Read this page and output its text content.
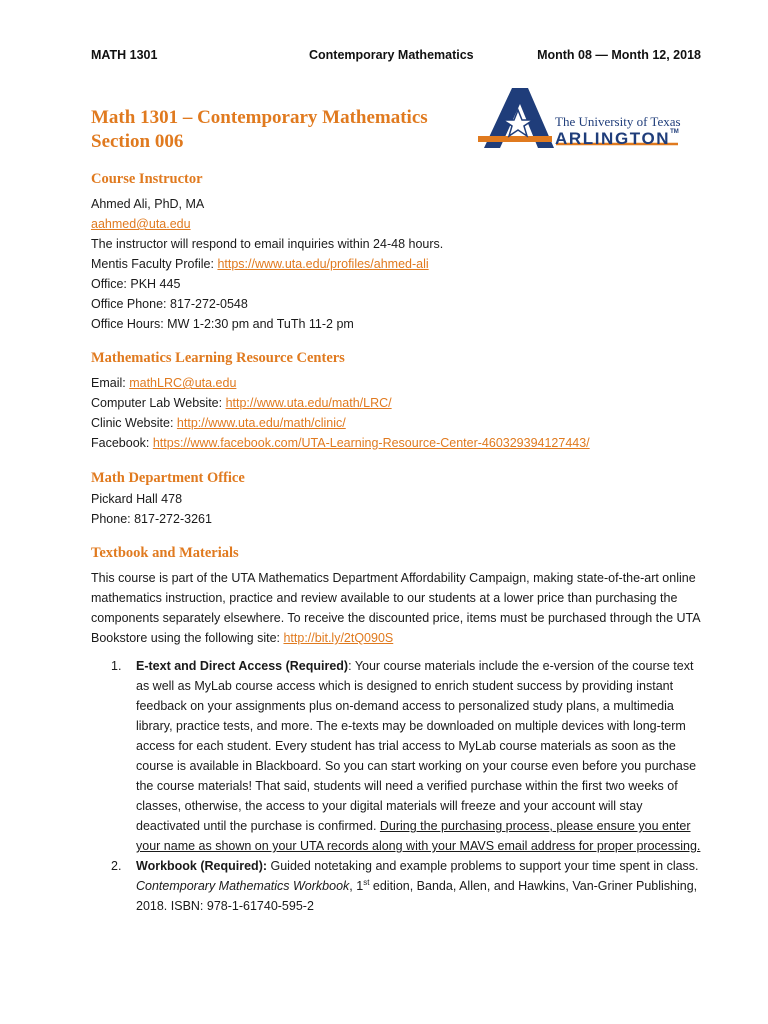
MATH 1301	Contemporary Mathematics	Month 08 — Month 12, 2018
Math 1301 – Contemporary Mathematics
Section 006
The University of Texas
ARLINGTON™
Course Instructor
Ahmed Ali, PhD, MA
aahmed@uta.edu
The instructor will respond to email inquiries within 24-48 hours.
Mentis Faculty Profile: https://www.uta.edu/profiles/ahmed-ali
Office: PKH 445
Office Phone: 817-272-0548
Office Hours: MW 1-2:30 pm and TuTh 11-2 pm
Mathematics Learning Resource Centers
Email: mathLRC@uta.edu
Computer Lab Website: http://www.uta.edu/math/LRC/
Clinic Website: http://www.uta.edu/math/clinic/
Facebook: https://www.facebook.com/UTA-Learning-Resource-Center-460329394127443/
Math Department Office
Pickard Hall 478
Phone: 817-272-3261
Textbook and Materials
This course is part of the UTA Mathematics Department Affordability Campaign, making state-of-the-art online mathematics instruction, practice and review available to our students at a lower price than purchasing the components separately elsewhere. To receive the discounted price, items must be purchased through the UTA Bookstore using the following site: http://bit.ly/2tQ090S
1. E-text and Direct Access (Required): Your course materials include the e-version of the course text as well as MyLab course access which is designed to enrich student success by providing instant feedback on your assignments plus on-demand access to personalized study plans, a multimedia library, practice tests, and more. The e-texts may be downloaded on multiple devices with long-term access for each student. Every student has trial access to MyLab course materials as soon as the course is available in Blackboard. So you can start working on your course even before you purchase the course materials! That said, students will need a verified purchase within the first two weeks of classes, otherwise, the access to your digital materials will freeze and your account will stay deactivated until the purchase is confirmed. During the purchasing process, please ensure you enter your name as shown on your UTA records along with your MAVS email address for proper processing.
2. Workbook (Required): Guided notetaking and example problems to support your time spent in class. Contemporary Mathematics Workbook, 1st edition, Banda, Allen, and Hawkins, Van-Griner Publishing, 2018. ISBN: 978-1-61740-595-2
